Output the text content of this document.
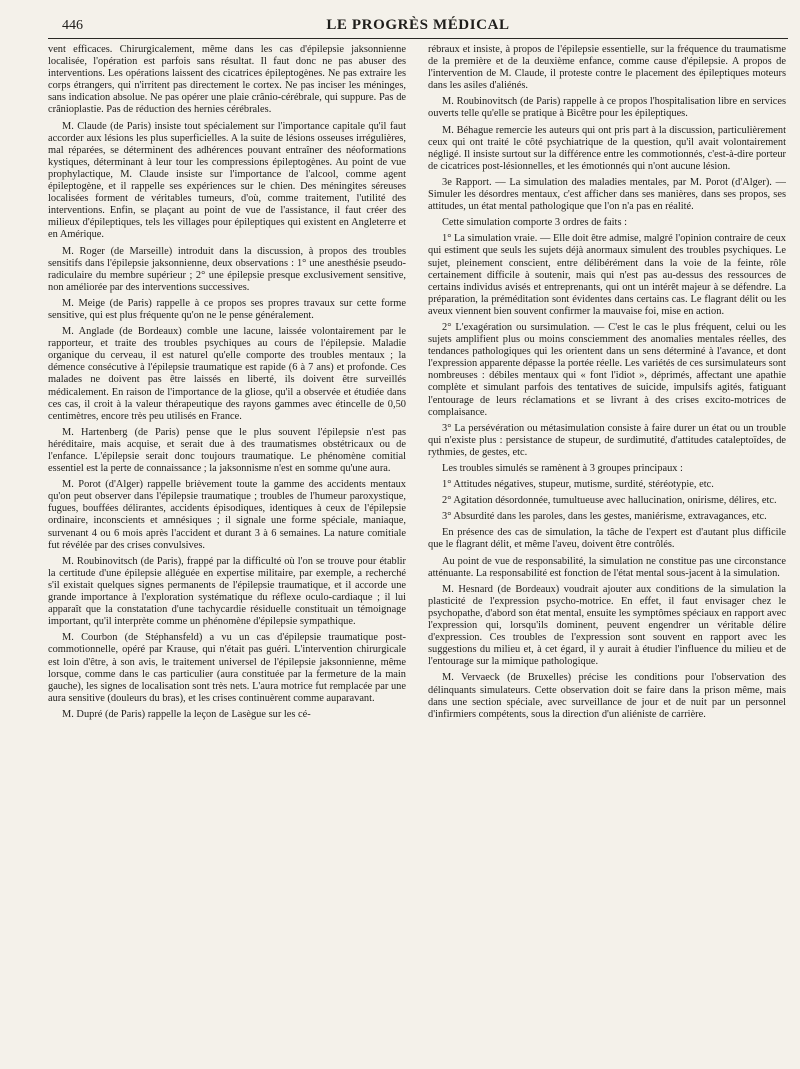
446	LE PROGRÈS MÉDICAL

vent efficaces. Chirurgicalement, même dans les cas d'épilepsie jaksonnienne localisée, l'opération est parfois sans résultat. Il faut donc ne pas abuser des interventions. Les opérations laissent des cicatrices épileptogènes. Ne pas extraire les corps étrangers, qui n'irritent pas directement le cortex. Ne pas inciser les méninges, sans indication absolue. Ne pas opérer une plaie crânio-cérébrale, qui suppure. Pas de crânioplastie. Pas de réduction des hernies cérébrales.

M. Claude (de Paris) insiste tout spécialement sur l'importance capitale qu'il faut accorder aux lésions les plus superficielles. A la suite de lésions osseuses irrégulières, mal réparées, se déterminent des adhérences pouvant entraîner des néoformations kystiques, déterminant à leur tour les compressions épileptogènes. Au point de vue prophylactique, M. Claude insiste sur l'importance de l'alcool, comme agent épileptogène, et il rappelle ses expériences sur le chien. Des méningites séreuses localisées forment de véritables tumeurs, d'où, comme traitement, l'utilité des interventions. Enfin, se plaçant au point de vue de l'assistance, il faut créer des milieux d'épileptiques, tels les villages pour épileptiques qui existent en Angleterre et en Amérique.

M. Roger (de Marseille) introduit dans la discussion, à propos des troubles sensitifs dans l'épilepsie jaksonnienne, deux observations : 1° une anesthésie pseudo-radiculaire du membre supérieur ; 2° une épilepsie presque exclusivement sensitive, non améliorée par des interventions successives.

M. Meige (de Paris) rappelle à ce propos ses propres travaux sur cette forme sensitive, qui est plus fréquente qu'on ne le pense généralement.

M. Anglade (de Bordeaux) comble une lacune, laissée volontairement par le rapporteur, et traite des troubles psychiques au cours de l'épilepsie. Maladie organique du cerveau, il est naturel qu'elle comporte des troubles mentaux ; la démence consécutive à l'épilepsie traumatique est rapide (6 à 7 ans) et profonde. Ces malades ne doivent pas être laissés en liberté, ils doivent être surveillés médicalement. En raison de l'importance de la gliose, qu'il a observée et étudiée dans ces cas, il croit à la valeur thérapeutique des rayons gammes avec étincelle de 0,50 centimètres, encore très peu utilisés en France.

M. Hartenberg (de Paris) pense que le plus souvent l'épilepsie n'est pas héréditaire, mais acquise, et serait due à des traumatismes obstétricaux ou de l'enfance. L'épilepsie serait donc toujours traumatique. Le phénomène comitial essentiel est la perte de connaissance ; la jaksonnisme n'est en somme qu'une aura.

M. Porot (d'Alger) rappelle brièvement toute la gamme des accidents mentaux qu'on peut observer dans l'épilepsie traumatique ; troubles de l'humeur paroxystique, fugues, bouffées délirantes, accidents épisodiques, identiques à ceux de l'épilepsie ordinaire, inconscients et amnésiques ; il signale une forme spéciale, maniaque, survenant 4 ou 6 mois après l'accident et durant 3 à 6 semaines. La nature comitiale fut révélée par des crises convulsives.

M. Roubinovitsch (de Paris), frappé par la difficulté où l'on se trouve pour établir la certitude d'une épilepsie alléguée en expertise militaire, par exemple, a recherché s'il existait quelques signes permanents de l'épilepsie traumatique, et il accorde une grande importance à l'exploration systématique du réflexe oculo-cardiaque ; il lui apparaît que la constatation d'une tachycardie résiduelle constituait un témoignage important, qu'il interprète comme un phénomène d'épilepsie sympathique.

M. Courbon (de Stéphansfeld) a vu un cas d'épilepsie traumatique post-commotionnelle, opéré par Krause, qui n'était pas guéri. L'intervention chirurgicale est loin d'être, à son avis, le traitement universel de l'épilepsie jaksonnienne, même lorsque, comme dans le cas particulier (aura constituée par la fermeture de la main gauche), les signes de localisation sont très nets. L'aura motrice fut remplacée par une aura sensitive (douleurs du bras), et les crises continuèrent comme auparavant.

M. Dupré (de Paris) rappelle la leçon de Lasègue sur les cé-

rébraux et insiste, à propos de l'épilepsie essentielle, sur la fréquence du traumatisme de la première et de la deuxième enfance, comme cause d'épilepsie. A propos de l'intervention de M. Claude, il proteste contre le placement des épileptiques moteurs dans les asiles d'aliénés.

M. Roubinovitsch (de Paris) rappelle à ce propos l'hospitalisation libre en services ouverts telle qu'elle se pratique à Bicêtre pour les épileptiques.

M. Béhague remercie les auteurs qui ont pris part à la discussion, particulièrement ceux qui ont traité le côté psychiatrique de la question, qu'il avait volontairement négligé. Il insiste surtout sur la différence entre les commotionnés, c'est-à-dire porteur de cicatrices post-lésionnelles, et les émotionnés qui n'ont aucune lésion.

3e Rapport. — La simulation des maladies mentales, par M. Porot (d'Alger). — Simuler les désordres mentaux, c'est afficher dans ses manières, dans ses propos, ses attitudes, un état mental pathologique que l'on n'a pas en réalité.

Cette simulation comporte 3 ordres de faits :

1° La simulation vraie. — Elle doit être admise, malgré l'opinion contraire de ceux qui estiment que seuls les sujets déjà anormaux simulent des troubles psychiques. Le sujet, pleinement conscient, entre délibérément dans la voie de la feinte, rôle certainement difficile à soutenir, mais qui n'est pas au-dessus des ressources de certains individus avisés et entreprenants, qui ont un intérêt majeur à se défendre. La préparation, la préméditation sont évidentes dans certains cas. Le flagrant délit ou les aveux viennent bien souvent confirmer la mauvaise foi, mise en action.

2° L'exagération ou sursimulation. — C'est le cas le plus fréquent, celui ou les sujets amplifient plus ou moins consciemment des anomalies mentales réelles, des tendances pathologiques qui les orientent dans un sens déterminé à l'avance, et dont l'expression apparente dépasse la portée réelle. Les variétés de ces sursimulateurs sont nombreuses : débiles mentaux qui « font l'idiot », déprimés, affectant une apathie complète et simulant parfois des tentatives de suicide, impulsifs agités, fatiguant l'entourage de leurs réclamations et se livrant à des crises excito-motrices de complaisance.

3° La persévération ou métasimulation consiste à faire durer un état ou un trouble qui n'existe plus : persistance de stupeur, de surdimutité, d'attitudes cataleptoïdes, de rythmies, de gestes, etc.

Les troubles simulés se ramènent à 3 groupes principaux :

1° Attitudes négatives, stupeur, mutisme, surdité, stéréotypie, etc.

2° Agitation désordonnée, tumultueuse avec hallucination, onirisme, délires, etc.

3° Absurdité dans les paroles, dans les gestes, maniérisme, extravagances, etc.

En présence des cas de simulation, la tâche de l'expert est d'autant plus difficile que le flagrant délit, et même l'aveu, doivent être contrôlés.

Au point de vue de responsabilité, la simulation ne constitue pas une circonstance atténuante. La responsabilité est fonction de l'état mental sous-jacent à la simulation.

M. Hesnard (de Bordeaux) voudrait ajouter aux conditions de la simulation la plasticité de l'expression psycho-motrice. En effet, il faut envisager chez le psychopathe, d'abord son état mental, ensuite les symptômes spéciaux en rapport avec l'expression qui, lorsqu'ils dominent, peuvent engendrer un véritable délire d'expression. Ces troubles de l'expression sont souvent en rapport avec les suggestions du milieu et, à cet égard, il y aurait à étudier l'influence du milieu et de l'entourage sur la mimique pathologique.

M. Vervaeck (de Bruxelles) précise les conditions pour l'observation des délinquants simulateurs. Cette observation doit se faire dans la prison même, mais dans une section spéciale, avec surveillance de jour et de nuit par un personnel d'infirmiers compétents, sous la direction d'un aliéniste de carrière.
